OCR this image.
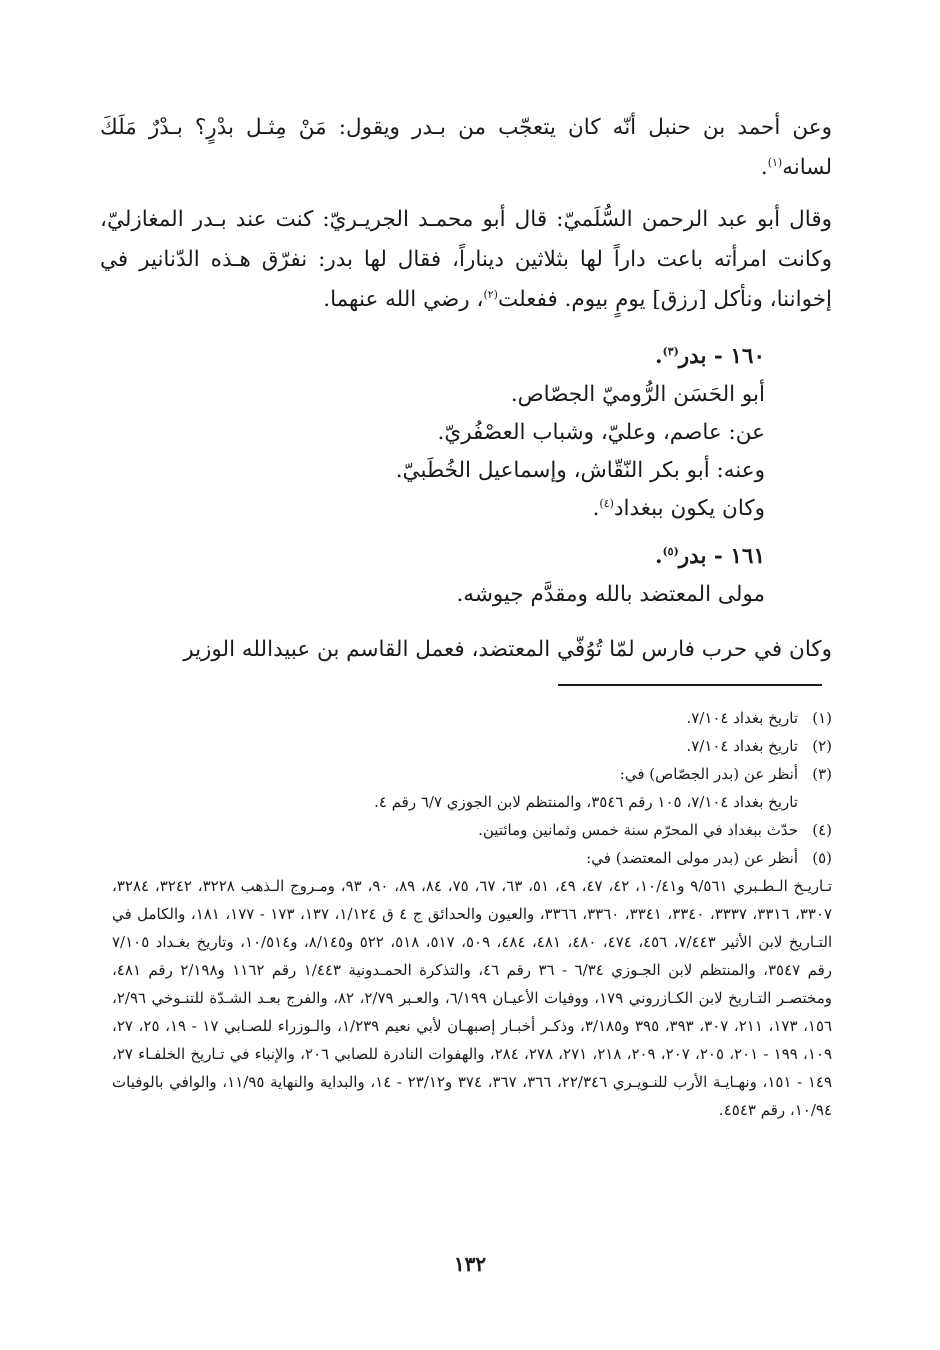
وعن أحمد بن حنبل أنّه كان يتعجّب من بـدر ويقول: مَنْ مِثـل بدْرٍ؟ بـدْرٌ مَلَكَ لسانه$^{(١)}$.

وقال أبو عبد الرحمن السُّلَميّ: قال أبو محمـد الجريـريّ: كنت عند بـدر المغازليّ، وكانت امرأته باعت داراً لها بثلاثين ديناراً، فقال لها بدر: نفرّق هـذه الدّنانير في إخواننا، ونأكل [رزق] يومٍ بيوم. ففعلت$^{(٢)}$، رضي الله عنهما.

١٦٠ - بدر$^{(٣)}$.

أبو الحَسَن الرُّوميّ الجصّاص.

عن: عاصم، وعليّ، وشباب العصْفُريّ.

وعنه: أبو بكر النّقّاش، وإسماعيل الخُطَبيّ.

وكان يكون ببغداد$^{(٤)}$.

١٦١ - بدر$^{(٥)}$.

مولى المعتضد بالله ومقدَّم جيوشه.

وكان في حرب فارس لمّا تُوُفّي المعتضد، فعمل القاسم بن عبيدالله الوزير

(١)
تاريخ بغداد ٧/١٠٤.

(٢)
تاريخ بغداد ٧/١٠٤.

(٣)
أنظر عن (بدر الجصّاص) في:

تاريخ بغداد ٧/١٠٤، ١٠٥ رقم ٣٥٤٦، والمنتظم لابن الجوزي ٦/٧ رقم ٤.

(٤)
حدّث ببغداد في المحرّم سنة خمس وثمانين ومائتين.

(٥)
أنظر عن (بدر مولى المعتضد) في:

تـاريـخ الـطـبري ٩/٥٦١ و١٠/٤١، ٤٢، ٤٧، ٤٩، ٥١، ٦٣، ٦٧، ٧٥، ٨٤، ٨٩، ٩٠، ٩٣، ومـروج الـذهب ٣٢٢٨، ٣٢٤٢، ٣٢٨٤، ٣٣٠٧، ٣٣١٦، ٣٣٣٧، ٣٣٤٠، ٣٣٤١، ٣٣٦٠، ٣٣٦٦، والعيون والحدائق ج ٤ ق ١/١٢٤، ١٣٧، ١٧٣ - ١٧٧، ١٨١، والكامل في التـاريخ لابن الأثير ٧/٤٤٣، ٤٥٦، ٤٧٤، ٤٨٠، ٤٨١، ٤٨٤، ٥٠٩، ٥١٧، ٥١٨، ٥٢٢ و٨/١٤٥، و١٠/٥١٤، وتاريخ بغـداد ٧/١٠٥ رقم ٣٥٤٧، والمنتظم لابن الجـوزي ٦/٣٤ - ٣٦ رقم ٤٦، والتذكرة الحمـدونية ١/٤٤٣ رقم ١١٦٢ و٢/١٩٨ رقم ٤٨١، ومختصـر التـاريخ لابن الكـازروني ١٧٩، ووفيات الأعيـان ٦/١٩٩، والعـبر ٢/٧٩، ٨٢، والفرج بعـد الشـدّة للتنـوخي ٢/٩٦، ١٥٦، ١٧٣، ٢١١، ٣٠٧، ٣٩٣، ٣٩٥ و٣/١٨٥، وذكـر أخبـار إصبهـان لأبي نعيم ١/٢٣٩، والـوزراء للصـابي ١٧ - ١٩، ٢٥، ٢٧، ١٠٩، ١٩٩ - ٢٠١، ٢٠٥، ٢٠٧، ٢٠٩، ٢١٨، ٢٧١، ٢٧٨، ٢٨٤، والهفوات النادرة للصابي ٢٠٦، والإنباء في تـاريخ الخلفـاء ٢٧، ١٤٩ - ١٥١، ونهـايـة الأرب للنـويـري ٢٢/٣٤٦، ٣٦٦، ٣٦٧، ٣٧٤ و٢٣/١٢ - ١٤، والبداية والنهاية ١١/٩٥، والوافي بالوفيات ١٠/٩٤، رقم ٤٥٤٣.

١٣٢
